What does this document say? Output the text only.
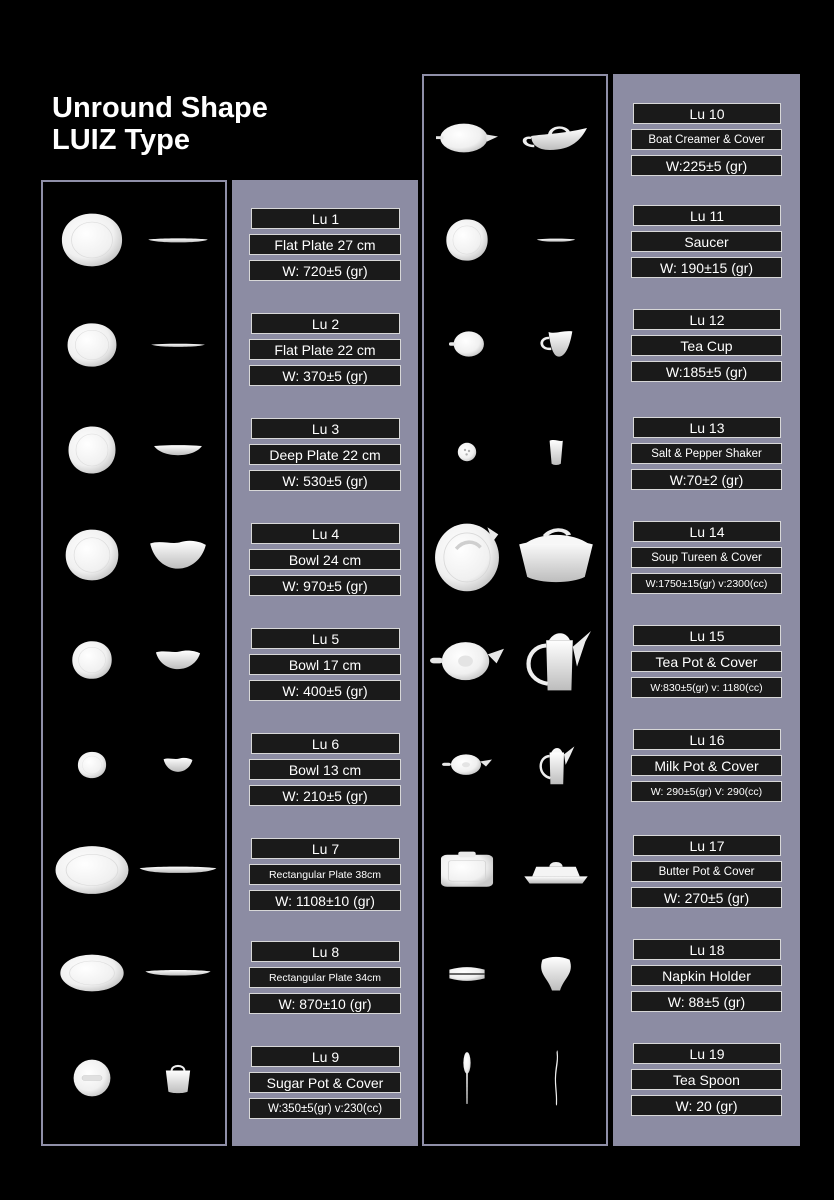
Unround Shape
LUIZ Type
Lu 1
Flat Plate 27 cm
W: 720±5 (gr)
Lu 2
Flat Plate 22 cm
W: 370±5 (gr)
Lu 3
Deep Plate 22 cm
W: 530±5 (gr)
Lu 4
Bowl 24 cm
W: 970±5 (gr)
Lu 5
Bowl 17 cm
W: 400±5 (gr)
Lu 6
Bowl 13 cm
W: 210±5 (gr)
Lu 7
Rectangular Plate 38cm
W: 1108±10 (gr)
Lu 8
Rectangular Plate 34cm
W: 870±10 (gr)
Lu 9
Sugar Pot & Cover
W:350±5(gr) v:230(cc)
Lu 10
Boat Creamer & Cover
W:225±5 (gr)
Lu 11
Saucer
W: 190±15 (gr)
Lu 12
Tea Cup
W:185±5 (gr)
Lu 13
Salt & Pepper Shaker
W:70±2 (gr)
Lu 14
Soup Tureen & Cover
W:1750±15(gr) v:2300(cc)
Lu 15
Tea Pot & Cover
W:830±5(gr) v: 1180(cc)
Lu 16
Milk Pot & Cover
W: 290±5(gr) V: 290(cc)
Lu 17
Butter Pot & Cover
W: 270±5 (gr)
Lu 18
Napkin Holder
W: 88±5 (gr)
Lu 19
Tea Spoon
W: 20 (gr)
